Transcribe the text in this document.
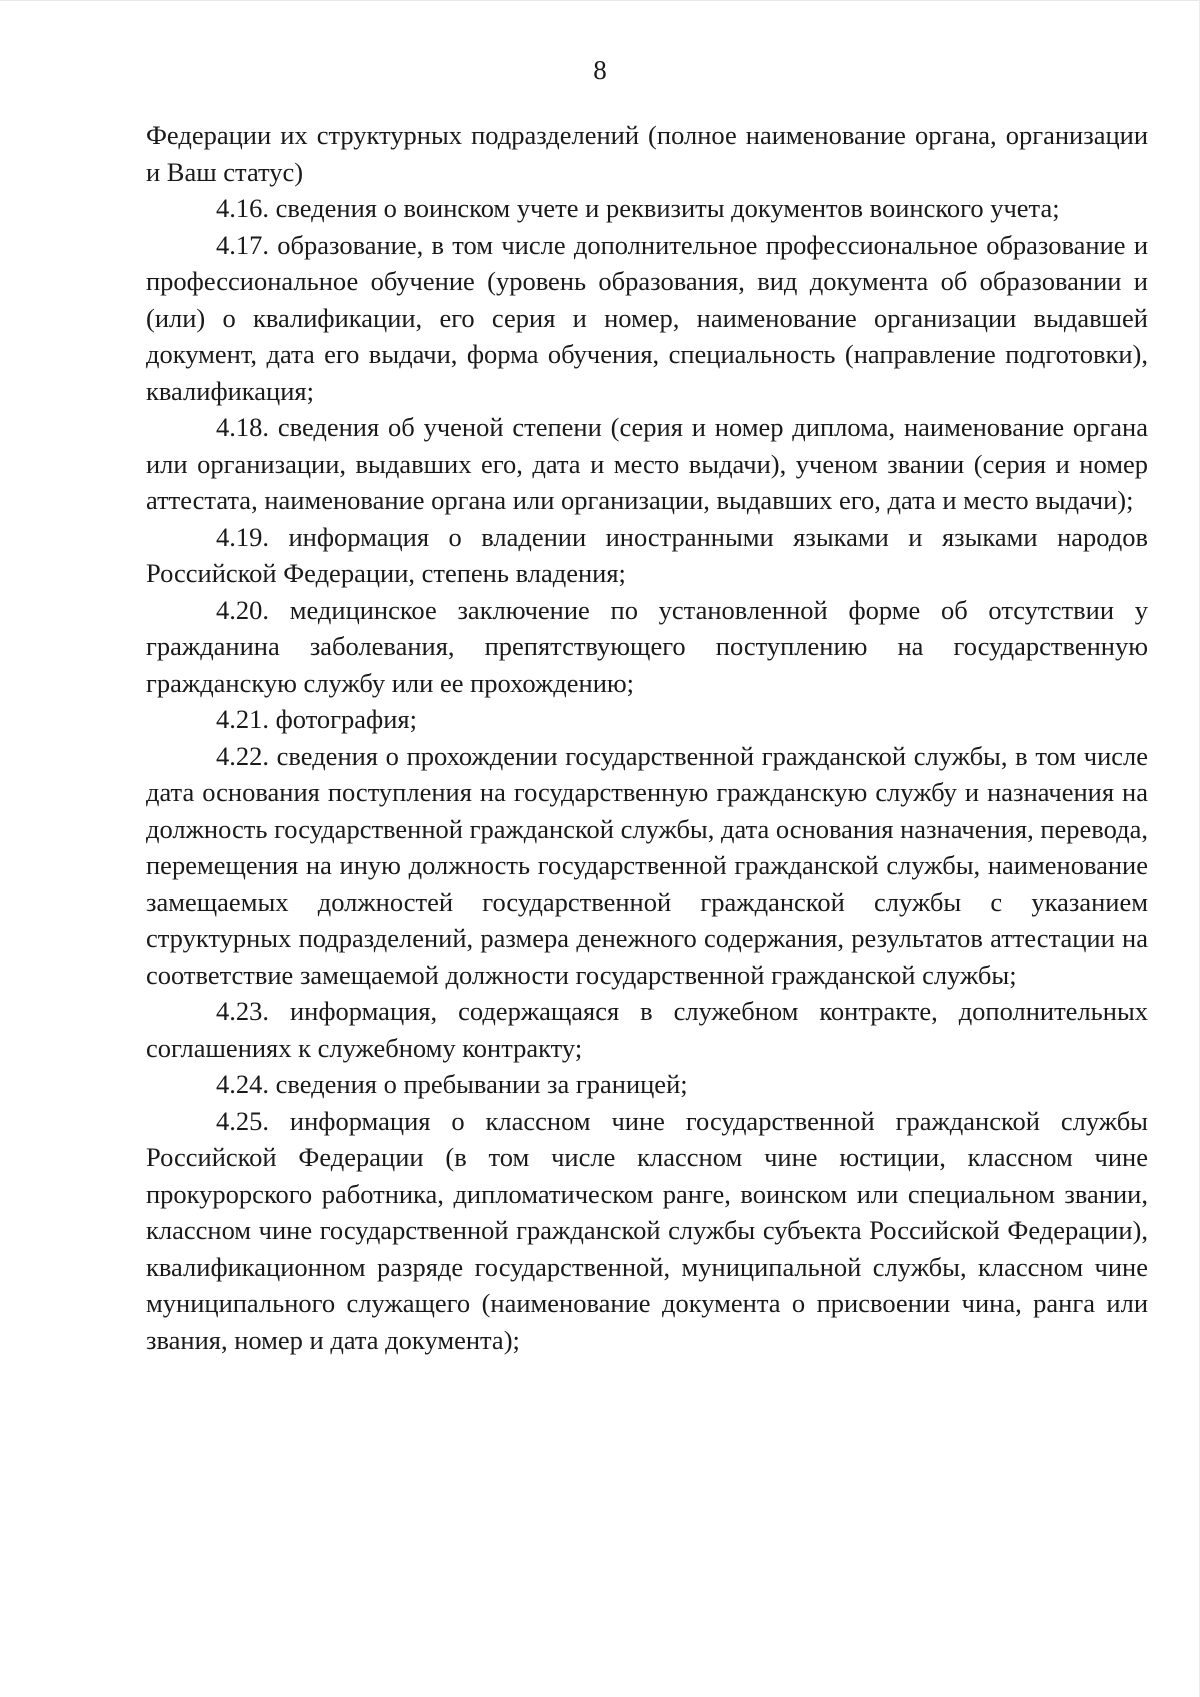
8

Федерации их структурных подразделений (полное наименование органа, организации и Ваш статус)

4.16. сведения о воинском учете и реквизиты документов воинского учета;

4.17. образование, в том числе дополнительное профессиональное образование и профессиональное обучение (уровень образования, вид документа об образовании и (или) о квалификации, его серия и номер, наименование организации выдавшей документ, дата его выдачи, форма обучения, специальность (направление подготовки), квалификация;

4.18. сведения об ученой степени (серия и номер диплома, наименование органа или организации, выдавших его, дата и место выдачи), ученом звании (серия и номер аттестата, наименование органа или организации, выдавших его, дата и место выдачи);

4.19. информация о владении иностранными языками и языками народов Российской Федерации, степень владения;

4.20. медицинское заключение по установленной форме об отсутствии у гражданина заболевания, препятствующего поступлению на государственную гражданскую службу или ее прохождению;

4.21. фотография;

4.22. сведения о прохождении государственной гражданской службы, в том числе дата основания поступления на государственную гражданскую службу и назначения на должность государственной гражданской службы, дата основания назначения, перевода, перемещения на иную должность государственной гражданской службы, наименование замещаемых должностей государственной гражданской службы с указанием структурных подразделений, размера денежного содержания, результатов аттестации на соответствие замещаемой должности государственной гражданской службы;

4.23. информация, содержащаяся в служебном контракте, дополнительных соглашениях к служебному контракту;

4.24. сведения о пребывании за границей;

4.25. информация о классном чине государственной гражданской службы Российской Федерации (в том числе классном чине юстиции, классном чине прокурорского работника, дипломатическом ранге, воинском или специальном звании, классном чине государственной гражданской службы субъекта Российской Федерации), квалификационном разряде государственной, муниципальной службы, классном чине муниципального служащего (наименование документа о присвоении чина, ранга или звания, номер и дата документа);
